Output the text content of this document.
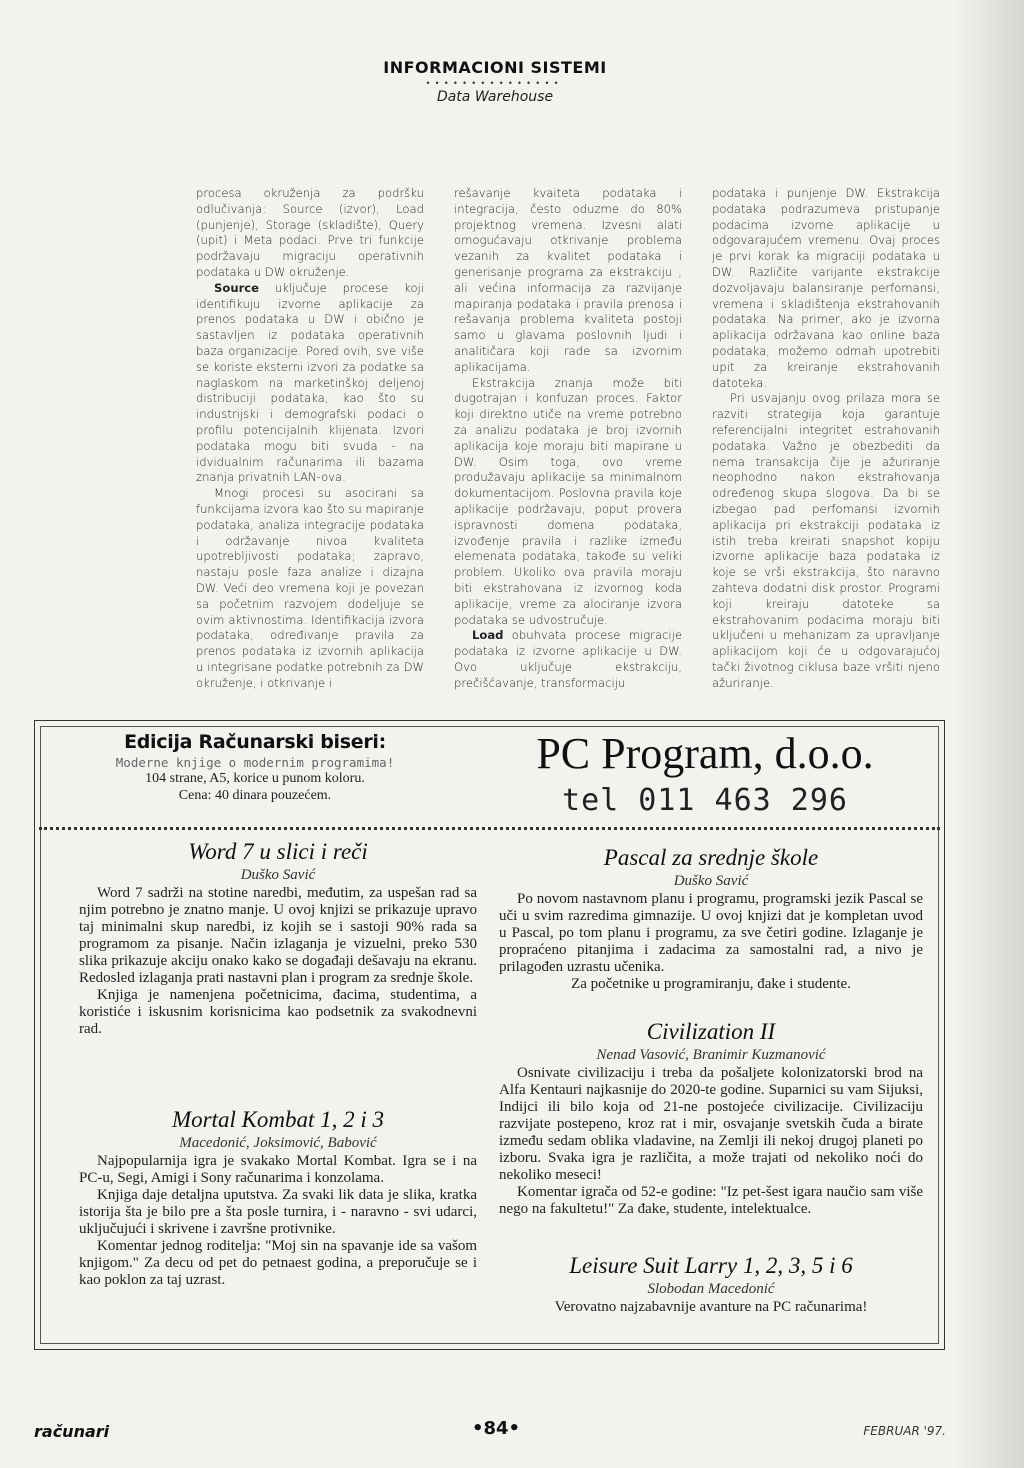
INFORMACIONI SISTEMI
•••••••••••••••
Data Warehouse

procesa okruženja za podršku odlučivanja: Source (izvor), Load (punjenje), Storage (skladište), Query (upit) i Meta podaci. Prve tri funkcije podržavaju migraciju operativnih podataka u DW okruženje.

Source uključuje procese koji identifikuju izvorne aplikacije za prenos podataka u DW i obično je sastavljen iz podataka operativnih baza organizacije. Pored ovih, sve više se koriste eksterni izvori za podatke sa naglaskom na marketinškoj deljenoj distribuciji podataka, kao što su industrijski i demografski podaci o profilu potencijalnih klijenata. Izvori podataka mogu biti svuda - na idvidualnim računarima ili bazama znanja privatnih LAN-ova.

Mnogi procesi su asocirani sa funkcijama izvora kao što su mapiranje podataka, analiza integracije podataka i održavanje nivoa kvaliteta upotrebljivosti podataka; zapravo, nastaju posle faza analize i dizajna DW. Veći deo vremena koji je povezan sa početnim razvojem dodeljuje se ovim aktivnostima. Identifikacija izvora podataka, određivanje pravila za prenos podataka iz izvornih aplikacija u integrisane podatke potrebnih za DW okruženje, i otkrivanje i

rešavanje kvaiteta podataka i integracija, često oduzme do 80% projektnog vremena. Izvesni alati omogućavaju otkrivanje problema vezanih za kvalitet podataka i generisanje programa za ekstrakciju , ali većina informacija za razvijanje mapiranja podataka i pravila prenosa i rešavanja problema kvaliteta postoji samo u glavama poslovnih ljudi i analitičara koji rade sa izvornim aplikacijama.

Ekstrakcija znanja može biti dugotrajan i konfuzan proces. Faktor koji direktno utiče na vreme potrebno za analizu podataka je broj izvornih aplikacija koje moraju biti mapirane u DW. Osim toga, ovo vreme produžavaju aplikacije sa minimalnom dokumentacijom. Poslovna pravila koje aplikacije podržavaju, poput provera ispravnosti domena podataka, izvođenje pravila i razlike između elemenata podataka, takođe su veliki problem. Ukoliko ova pravila moraju biti ekstrahovana iz izvornog koda aplikacije, vreme za alociranje izvora podataka se udvostručuje.

Load obuhvata procese migracije podataka iz izvorne aplikacije u DW. Ovo uključuje ekstrakciju, prečišćavanje, transformaciju

podataka i punjenje DW. Ekstrakcija podataka podrazumeva pristupanje podacima izvorne aplikacije u odgovarajućem vremenu. Ovaj proces je prvi korak ka migraciji podataka u DW. Različite varijante ekstrakcije dozvoljavaju balansiranje perfomansi, vremena i skladištenja ekstrahovanih podataka. Na primer, ako je izvorna aplikacija održavana kao online baza podataka, možemo odmah upotrebiti upit za kreiranje ekstrahovanih datoteka.

Pri usvajanju ovog prilaza mora se razviti strategija koja garantuje referencijalni integritet estrahovanih podataka. Važno je obezbediti da nema transakcija čije je ažuriranje neophodno nakon ekstrahovanja određenog skupa slogova. Da bi se izbegao pad perfomansi izvornih aplikacija pri ekstrakciji podataka iz istih treba kreirati snapshot kopiju izvorne aplikacije baza podataka iz koje se vrši ekstrakcija, što naravno zahteva dodatni disk prostor. Programi koji kreiraju datoteke sa ekstrahovanim podacima moraju biti uključeni u mehanizam za upravljanje aplikacijom koji će u odgovarajućoj tački životnog ciklusa baze vršiti njeno ažuriranje.

Edicija Računarski biseri:
Moderne knjige o modernim programima!
104 strane, A5, korice u punom koloru.
Cena: 40 dinara pouzećem.
PC Program, d.o.o.
tel 011 463 296
Word 7 u slici i reči
Duško Savić

Word 7 sadrži na stotine naredbi, međutim, za uspešan rad sa njim potrebno je znatno manje. U ovoj knjizi se prikazuje upravo taj minimalni skup naredbi, iz kojih se i sastoji 90% rada sa programom za pisanje. Način izlaganja je vizuelni, preko 530 slika prikazuje akciju onako kako se događaji dešavaju na ekranu. Redosled izlaganja prati nastavni plan i program za srednje škole.

Knjiga je namenjena početnicima, đacima, studentima, a koristiće i iskusnim korisnicima kao podsetnik za svakodnevni rad.

Mortal Kombat 1, 2 i 3
Macedonić, Joksimović, Babović

Najpopularnija igra je svakako Mortal Kombat. Igra se i na PC-u, Segi, Amigi i Sony računarima i konzolama.

Knjiga daje detaljna uputstva. Za svaki lik data je slika, kratka istorija šta je bilo pre a šta posle turnira, i - naravno - svi udarci, uključujući i skrivene i završne protivnike.

Komentar jednog roditelja: "Moj sin na spavanje ide sa vašom knjigom." Za decu od pet do petnaest godina, a preporučuje se i kao poklon za taj uzrast.

Pascal za srednje škole
Duško Savić

Po novom nastavnom planu i programu, programski jezik Pascal se uči u svim razredima gimnazije. U ovoj knjizi dat je kompletan uvod u Pascal, po tom planu i programu, za sve četiri godine. Izlaganje je propraćeno pitanjima i zadacima za samostalni rad, a nivo je prilagođen uzrastu učenika.

Za početnike u programiranju, đake i studente.

Civilization II
Nenad Vasović, Branimir Kuzmanović

Osnivate civilizaciju i treba da pošaljete kolonizatorski brod na Alfa Kentauri najkasnije do 2020-te godine. Suparnici su vam Sijuksi, Indijci ili bilo koja od 21-ne postojeće civilizacije. Civilizaciju razvijate postepeno, kroz rat i mir, osvajanje svetskih čuda a birate između sedam oblika vladavine, na Zemlji ili nekoj drugoj planeti po izboru. Svaka igra je različita, a može trajati od nekoliko noći do nekoliko meseci!

Komentar igrača od 52-e godine: "Iz pet-šest igara naučio sam više nego na fakultetu!" Za đake, studente, intelektualce.

Leisure Suit Larry 1, 2, 3, 5 i 6
Slobodan Macedonić

Verovatno najzabavnije avanture na PC računarima!

računari	•84•	FEBRUAR '97.
